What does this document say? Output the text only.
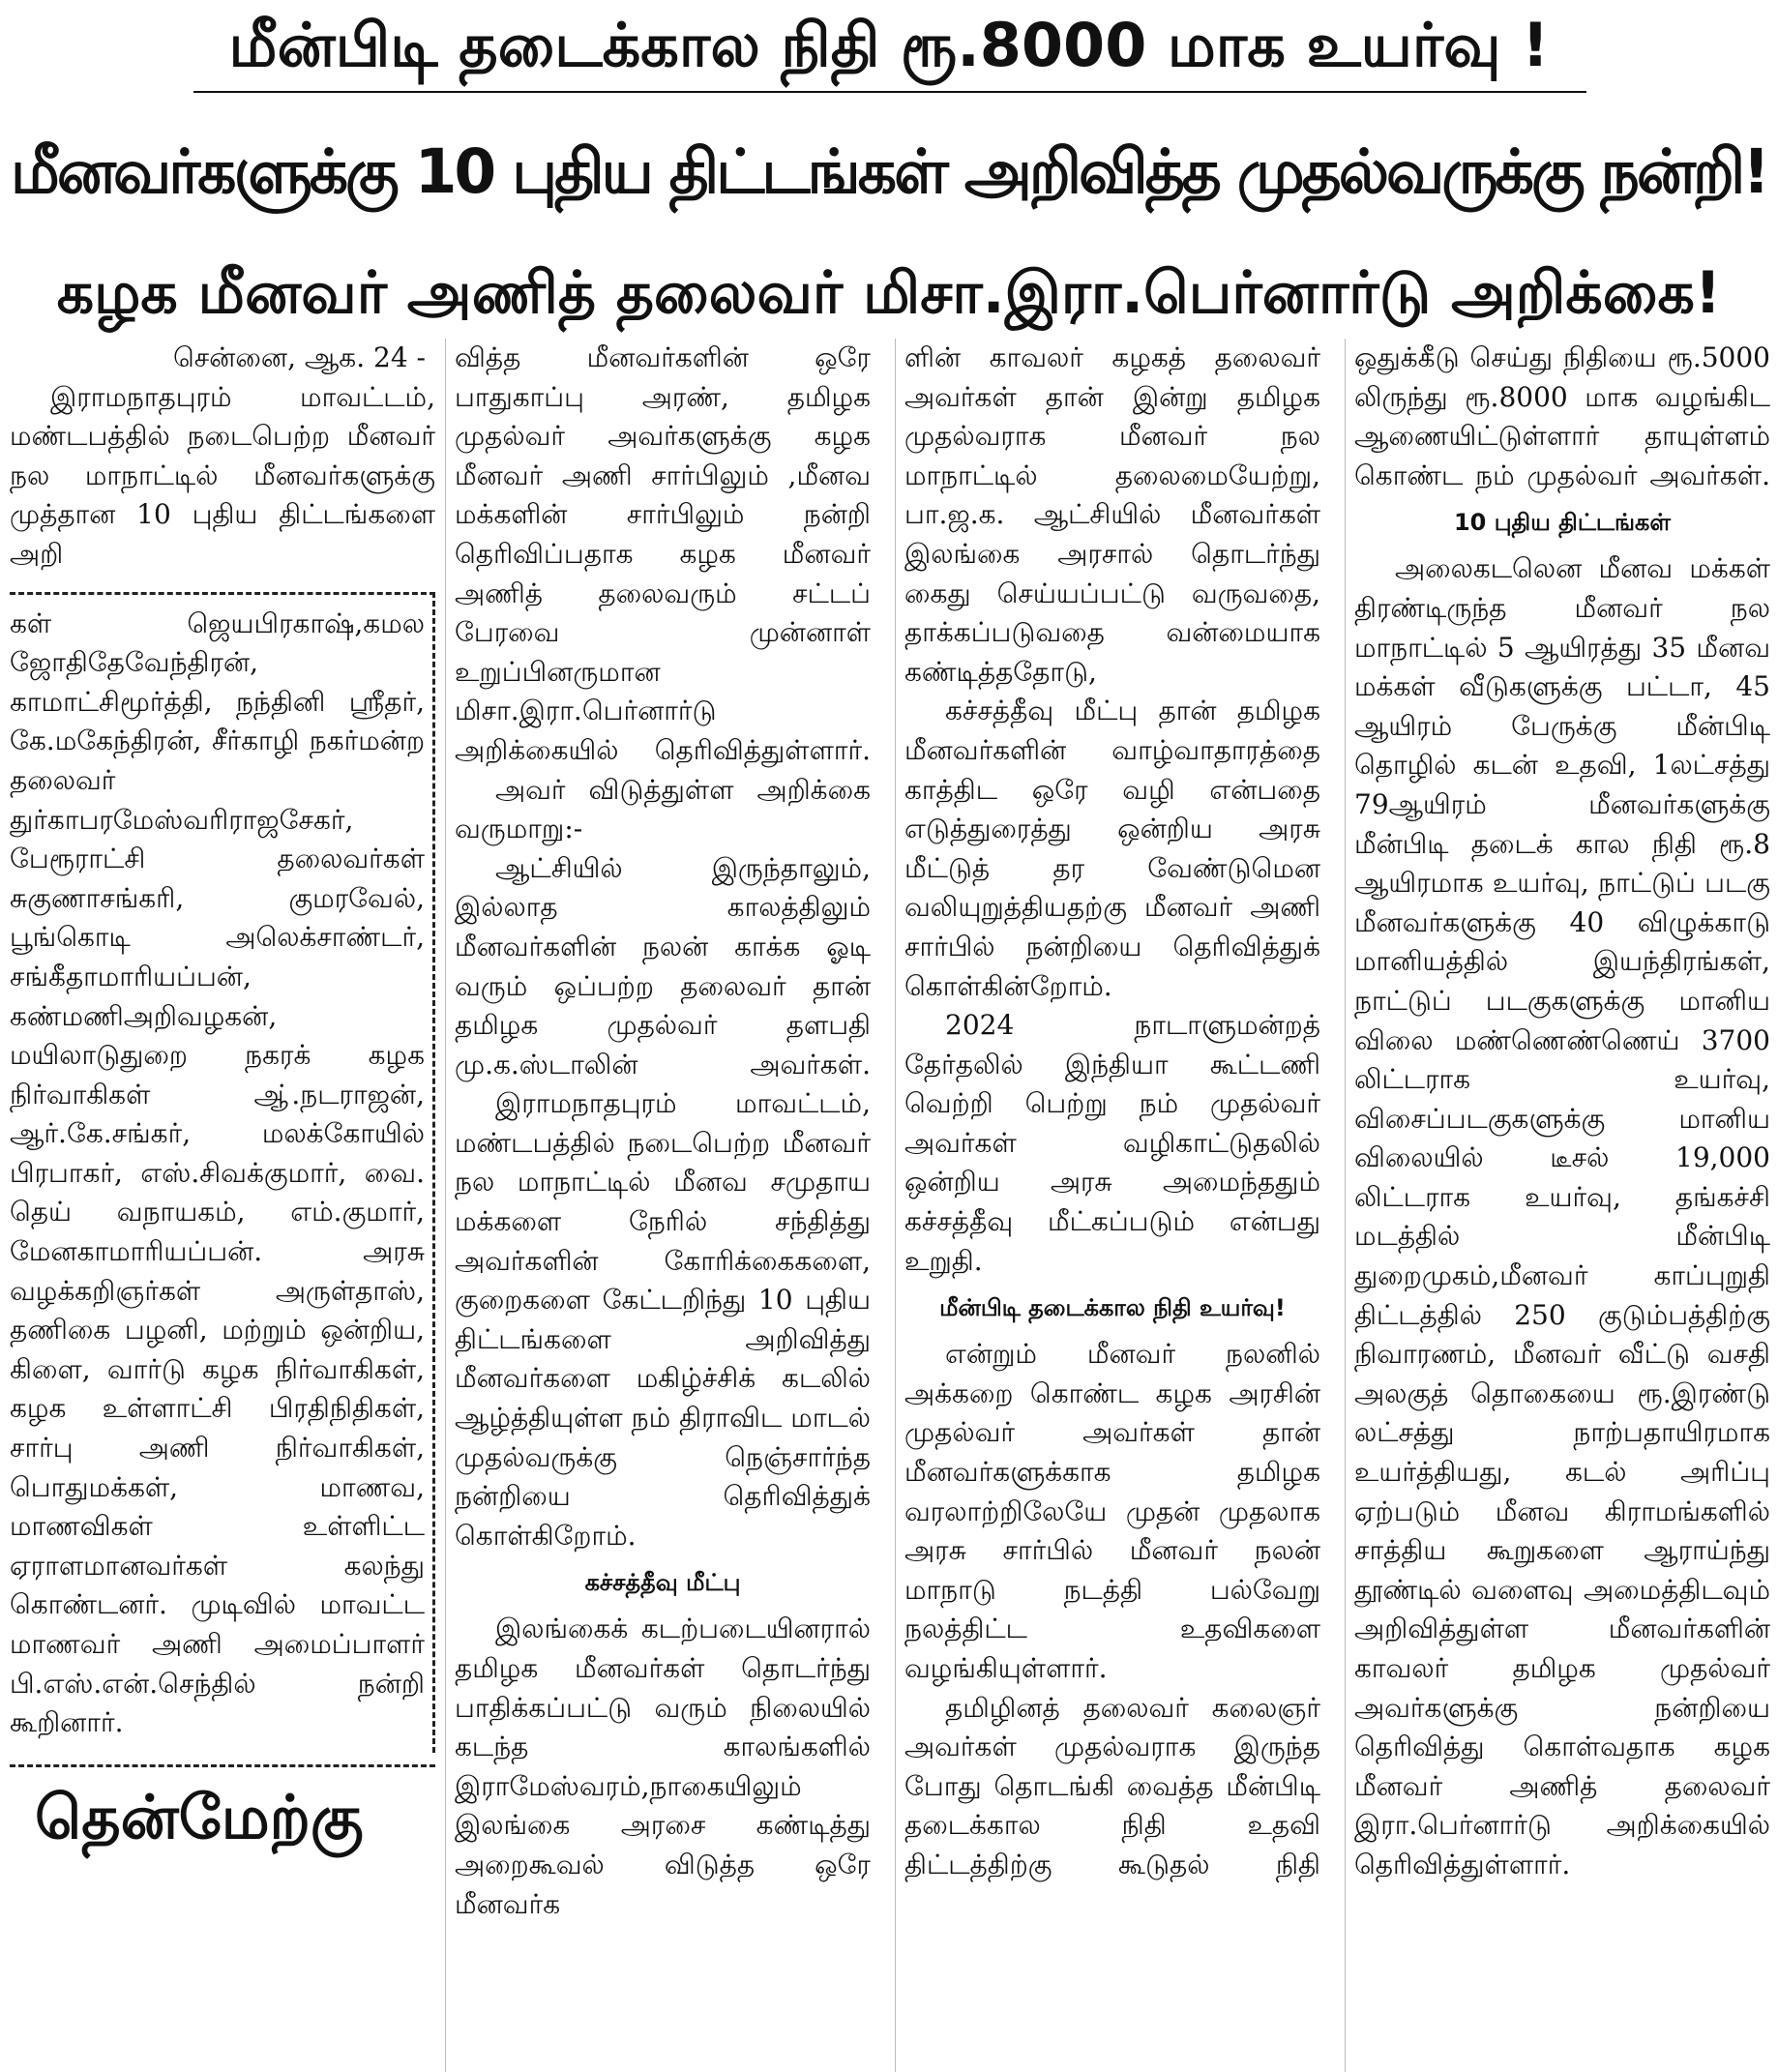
மீன்பிடி தடைக்கால நிதி ரூ.8000 மாக உயர்வு !
மீனவர்களுக்கு 10 புதிய திட்டங்கள் அறிவித்த முதல்வருக்கு நன்றி!
கழக மீனவர் அணித் தலைவர் மிசா.இரா.பெர்னார்டு அறிக்கை!

சென்னை, ஆக. 24 -

இராமநாதபுரம் மாவட்டம், மண்டபத்தில் நடைபெற்ற மீனவர் நல மாநாட்டில் மீனவர்களுக்கு முத்தான 10 புதிய திட்டங்களை அறி

கள் ஜெயபிரகாஷ்,கமல ஜோதிதேவேந்திரன், காமாட்சிமூர்த்தி, நந்தினி ஸ்ரீதர், கே.மகேந்திரன், சீர்காழி நகர்மன்ற தலைவர் துர்காபரமேஸ்வரிராஜசேகர், பேரூராட்சி தலைவர்கள் சுகுணாசங்கரி, குமரவேல், பூங்கொடி அலெக்சாண்டர், சங்கீதாமாரியப்பன், கண்மணிஅறிவழகன், மயிலாடுதுறை நகரக் கழக நிர்வாகிகள் ஆ்.நடராஜன், ஆர்.கே.சங்கர், மலக்கோயில் பிரபாகர், எஸ்.சிவக்குமார், வை. தெய் வநாயகம், எம்.குமார், மேனகாமாரியப்பன். அரசு வழக்கறிஞர்கள் அருள்தாஸ், தணிகை பழனி, மற்றும் ஒன்றிய, கிளை, வார்டு கழக நிர்வாகிகள், கழக உள்ளாட்சி பிரதிநிதிகள், சார்பு அணி நிர்வாகிகள், பொதுமக்கள், மாணவ, மாணவிகள் உள்ளிட்ட ஏராளமானவர்கள் கலந்து கொண்டனர். முடிவில் மாவட்ட மாணவர் அணி அமைப்பாளர் பி.எஸ்.என்.செந்தில் நன்றி கூறினார்.

தென்மேற்கு

வித்த மீனவர்களின் ஒரே பாதுகாப்பு அரண், தமிழக முதல்வர் அவர்களுக்கு கழக மீனவர் அணி சார்பிலும் ,மீனவ மக்களின் சார்பிலும் நன்றி தெரிவிப்பதாக கழக மீனவர் அணித் தலைவரும் சட்டப் பேரவை முன்னாள் உறுப்பினருமான மிசா.இரா.பெர்னார்டு அறிக்கையில் தெரிவித்துள்ளார்.

அவர் விடுத்துள்ள அறிக்கை வருமாறு:-

ஆட்சியில் இருந்தாலும், இல்லாத காலத்திலும் மீனவர்களின் நலன் காக்க ஓடி வரும் ஒப்பற்ற தலைவர் தான் தமிழக முதல்வர் தளபதி மு.க.ஸ்டாலின் அவர்கள்.

இராமநாதபுரம் மாவட்டம், மண்டபத்தில் நடைபெற்ற மீனவர் நல மாநாட்டில் மீனவ சமுதாய மக்களை நேரில் சந்தித்து அவர்களின் கோரிக்கைகளை, குறைகளை கேட்டறிந்து 10 புதிய திட்டங்களை அறிவித்து மீனவர்களை மகிழ்ச்சிக் கடலில் ஆழ்த்தியுள்ள நம் திராவிட மாடல் முதல்வருக்கு நெஞ்சார்ந்த நன்றியை தெரிவித்துக் கொள்கிறோம்.

கச்சத்தீவு மீட்பு

இலங்கைக் கடற்படையினரால் தமிழக மீனவர்கள் தொடர்ந்து பாதிக்கப்பட்டு வரும் நிலையில் கடந்த காலங்களில் இராமேஸ்வரம்,நாகையிலும் இலங்கை அரசை கண்டித்து அறைகூவல் விடுத்த ஒரே மீனவர்க

ளின் காவலர் கழகத் தலைவர் அவர்கள் தான் இன்று தமிழக முதல்வராக மீனவர் நல மாநாட்டில் தலைமையேற்று, பா.ஜ.க. ஆட்சியில் மீனவர்கள் இலங்கை அரசால் தொடர்ந்து கைது செய்யப்பட்டு வருவதை, தாக்கப்படுவதை வன்மையாக கண்டித்ததோடு,

கச்சத்தீவு மீட்பு தான் தமிழக மீனவர்களின் வாழ்வாதாரத்தை காத்திட ஒரே வழி என்பதை எடுத்துரைத்து ஒன்றிய அரசு மீட்டுத் தர வேண்டுமென வலியுறுத்தியதற்கு மீனவர் அணி சார்பில் நன்றியை தெரிவித்துக் கொள்கின்றோம்.

2024 நாடாளுமன்றத் தேர்தலில் இந்தியா கூட்டணி வெற்றி பெற்று நம் முதல்வர் அவர்கள் வழிகாட்டுதலில் ஒன்றிய அரசு அமைந்ததும் கச்சத்தீவு மீட்கப்படும் என்பது உறுதி.

மீன்பிடி தடைக்கால நிதி உயர்வு!

என்றும் மீனவர் நலனில் அக்கறை கொண்ட கழக அரசின் முதல்வர் அவர்கள் தான் மீனவர்களுக்காக தமிழக வரலாற்றிலேயே முதன் முதலாக அரசு சார்பில் மீனவர் நலன் மாநாடு நடத்தி பல்வேறு நலத்திட்ட உதவிகளை வழங்கியுள்ளார்.

தமிழினத் தலைவர் கலைஞர் அவர்கள் முதல்வராக இருந்த போது தொடங்கி வைத்த மீன்பிடி தடைக்கால நிதி உதவி திட்டத்திற்கு கூடுதல் நிதி

ஒதுக்கீடு செய்து நிதியை ரூ.5000 லிருந்து ரூ.8000 மாக வழங்கிட ஆணையிட்டுள்ளார் தாயுள்ளம் கொண்ட நம் முதல்வர் அவர்கள்.

10 புதிய திட்டங்கள்

அலைகடலென மீனவ மக்கள் திரண்டிருந்த மீனவர் நல மாநாட்டில் 5 ஆயிரத்து 35 மீனவ மக்கள் வீடுகளுக்கு பட்டா, 45 ஆயிரம் பேருக்கு மீன்பிடி தொழில் கடன் உதவி, 1லட்சத்து 79ஆயிரம் மீனவர்களுக்கு மீன்பிடி தடைக் கால நிதி ரூ.8 ஆயிரமாக உயர்வு, நாட்டுப் படகு மீனவர்களுக்கு 40 விழுக்காடு மானியத்தில் இயந்திரங்கள், நாட்டுப் படகுகளுக்கு மானிய விலை மண்ணெண்ணெய் 3700 லிட்டராக உயர்வு, விசைப்படகுகளுக்கு மானிய விலையில் டீசல் 19,000 லிட்டராக உயர்வு, தங்கச்சி மடத்தில் மீன்பிடி துறைமுகம்,மீனவர் காப்புறுதி திட்டத்தில் 250 குடும்பத்திற்கு நிவாரணம், மீனவர் வீட்டு வசதி அலகுத் தொகையை ரூ.இரண்டு லட்சத்து நாற்பதாயிரமாக உயர்த்தியது, கடல் அரிப்பு ஏற்படும் மீனவ கிராமங்களில் சாத்திய கூறுகளை ஆராய்ந்து தூண்டில் வளைவு அமைத்திடவும் அறிவித்துள்ள மீனவர்களின் காவலர் தமிழக முதல்வர் அவர்களுக்கு நன்றியை தெரிவித்து கொள்வதாக கழக மீனவர் அணித் தலைவர் இரா.பெர்னார்டு அறிக்கையில் தெரிவித்துள்ளார்.
